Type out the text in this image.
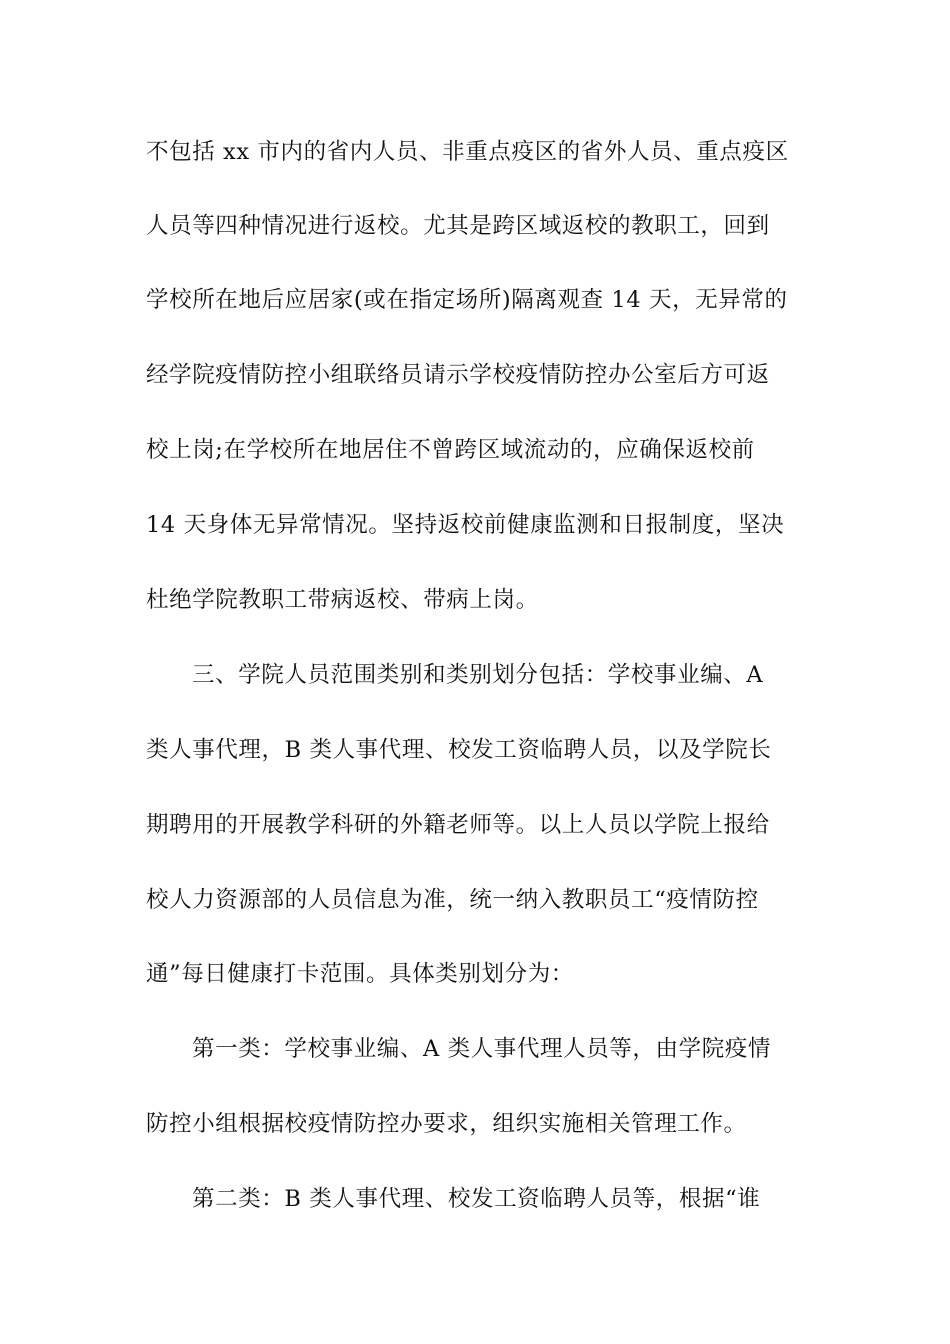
不包括 xx 市内的省内人员、非重点疫区的省外人员、重点疫区
人员等四种情况进行返校。尤其是跨区域返校的教职工，回到
学校所在地后应居家(或在指定场所)隔离观查 14 天，无异常的
经学院疫情防控小组联络员请示学校疫情防控办公室后方可返
校上岗;在学校所在地居住不曾跨区域流动的，应确保返校前
14 天身体无异常情况。坚持返校前健康监测和日报制度，坚决
杜绝学院教职工带病返校、带病上岗。
三、学院人员范围类别和类别划分包括：学校事业编、A
类人事代理，B 类人事代理、校发工资临聘人员，以及学院长
期聘用的开展教学科研的外籍老师等。以上人员以学院上报给
校人力资源部的人员信息为准，统一纳入教职员工“疫情防控
通”每日健康打卡范围。具体类别划分为：
第一类：学校事业编、A 类人事代理人员等，由学院疫情
防控小组根据校疫情防控办要求，组织实施相关管理工作。
第二类：B 类人事代理、校发工资临聘人员等，根据“谁
